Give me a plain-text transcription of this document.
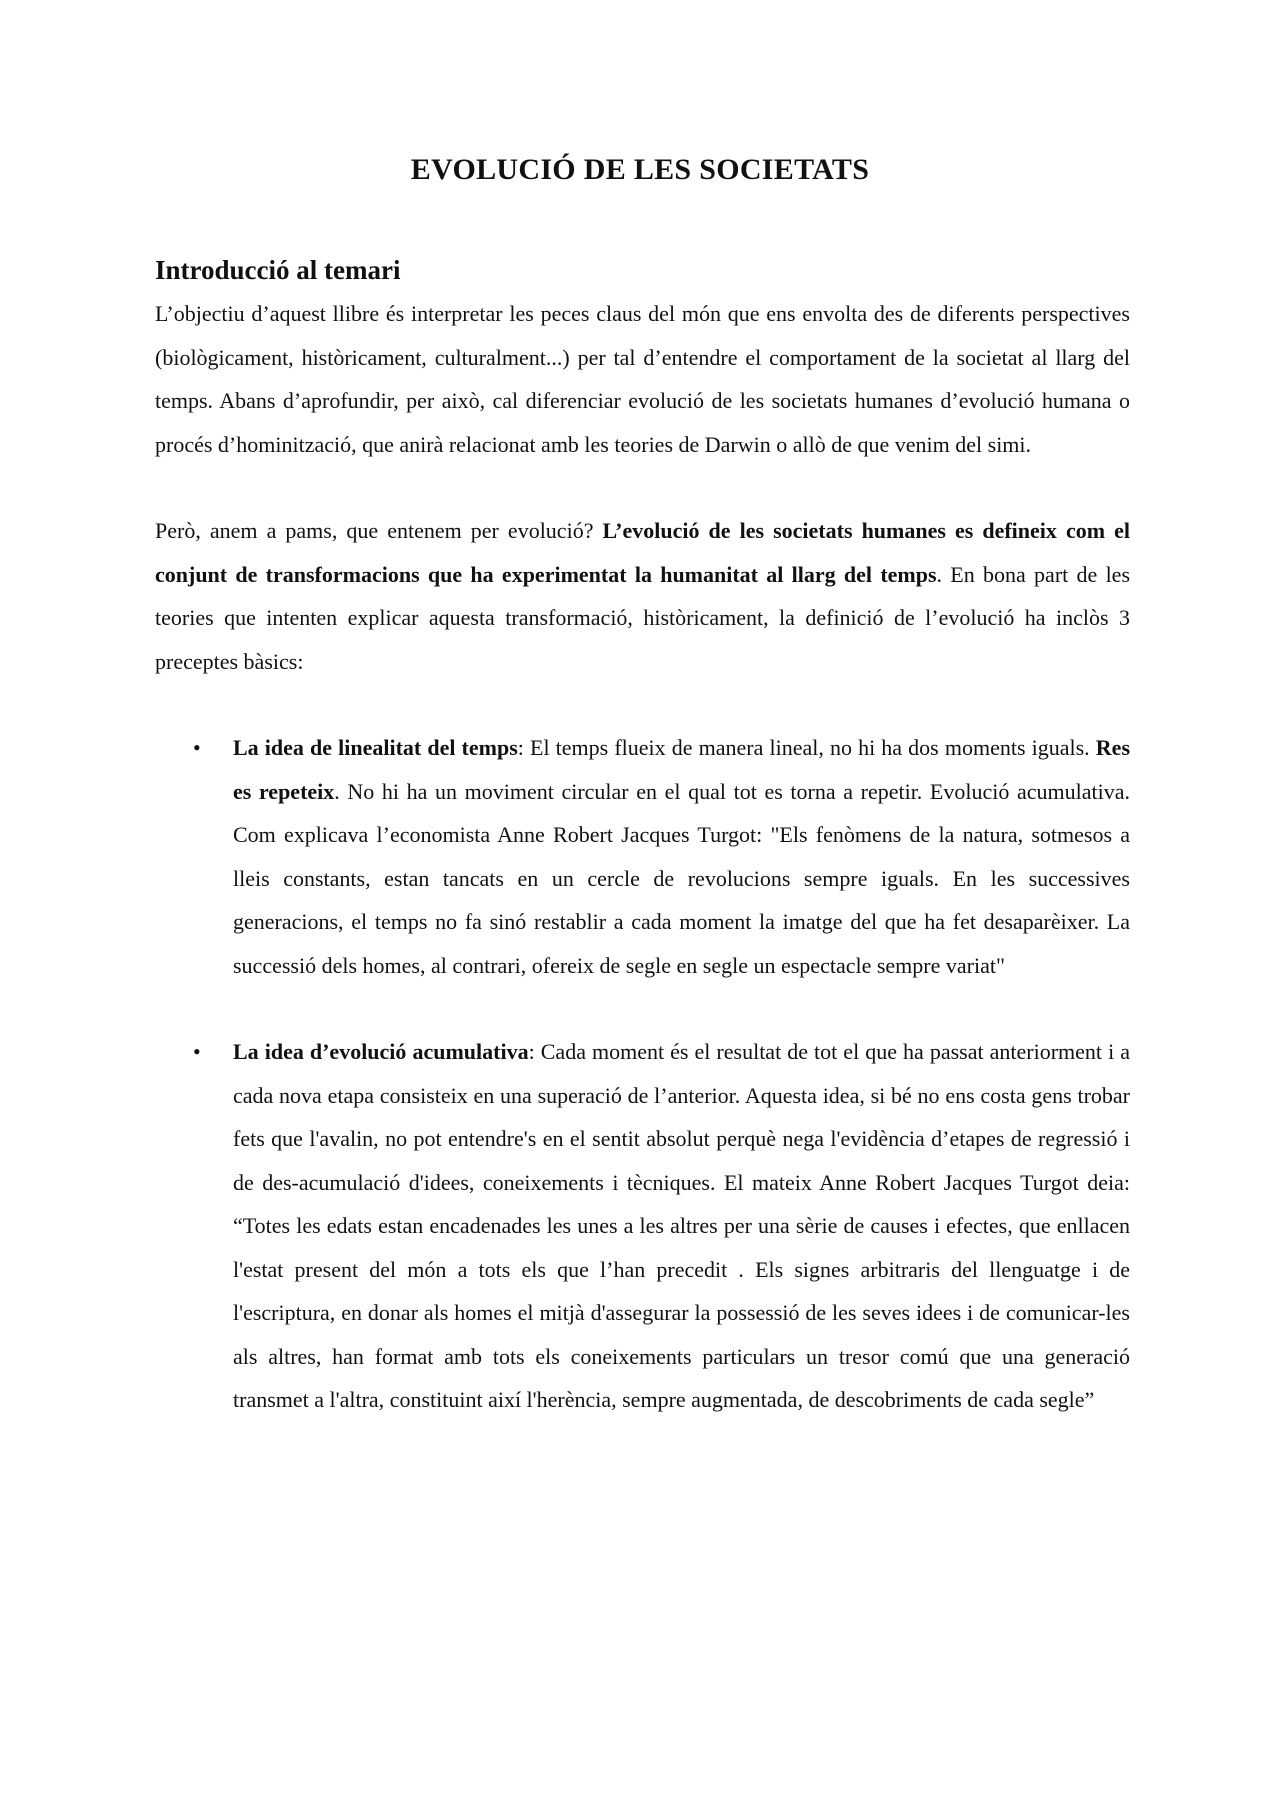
EVOLUCIÓ DE LES SOCIETATS
Introducció al temari

L’objectiu d’aquest llibre és interpretar les peces claus del món que ens envolta des de diferents perspectives (biològicament, històricament, culturalment...) per tal d’entendre el comportament de la societat al llarg del temps. Abans d’aprofundir, per això, cal diferenciar evolució de les societats humanes d’evolució humana o procés d’hominització, que anirà relacionat amb les teories de Darwin o allò de que venim del simi.

Però, anem a pams, que entenem per evolució? L’evolució de les societats humanes es defineix com el conjunt de transformacions que ha experimentat la humanitat al llarg del temps. En bona part de les teories que intenten explicar aquesta transformació, històricament, la definició de l’evolució ha inclòs 3 preceptes bàsics:

• La idea de linealitat del temps: El temps flueix de manera lineal, no hi ha dos moments iguals. Res es repeteix. No hi ha un moviment circular en el qual tot es torna a repetir. Evolució acumulativa. Com explicava l’economista Anne Robert Jacques Turgot: "Els fenòmens de la natura, sotmesos a lleis constants, estan tancats en un cercle de revolucions sempre iguals. En les successives generacions, el temps no fa sinó restablir a cada moment la imatge del que ha fet desaparèixer. La successió dels homes, al contrari, ofereix de segle en segle un espectacle sempre variat"
• La idea d’evolució acumulativa: Cada moment és el resultat de tot el que ha passat anteriorment i a cada nova etapa consisteix en una superació de l’anterior. Aquesta idea, si bé no ens costa gens trobar fets que l'avalin, no pot entendre's en el sentit absolut perquè nega l'evidència d’etapes de regressió i de des-acumulació d'idees, coneixements i tècniques. El mateix Anne Robert Jacques Turgot deia: “Totes les edats estan encadenades les unes a les altres per una sèrie de causes i efectes, que enllacen l'estat present del món a tots els que l’han precedit . Els signes arbitraris del llenguatge i de l'escriptura, en donar als homes el mitjà d'assegurar la possessió de les seves idees i de comunicar-les als altres, han format amb tots els coneixements particulars un tresor comú que una generació transmet a l'altra, constituint així l'herència, sempre augmentada, de descobriments de cada segle”
